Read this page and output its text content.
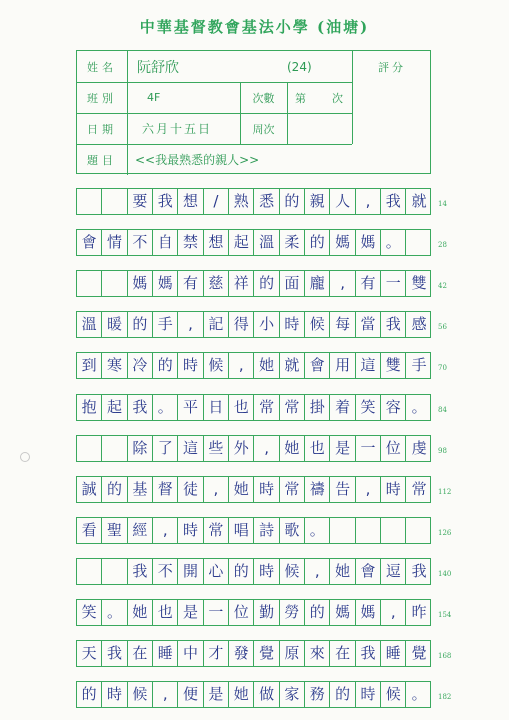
中華基督教會基法小學 (油塘)
姓名	阮舒欣	(24)	評分
班別	4F	次數	第	次
日期	六月十五日	周次
題目	<<我最熟悉的親人>>
要 我 想	/	熟 悉 的 親 人	,	我 就	14
會 情 不 自 禁 想 起 溫 柔 的 媽 媽 。	28
媽 媽 有 慈 祥 的 面 龐	,	有 一 雙	42
溫 暖 的 手	,	記 得 小 時 候 每 當 我 感	56
到 寒 冷 的 時 候	,	她 就 會 用 這 雙 手	70
抱 起 我 。 平 日 也 常 常 掛 着 笑 容 。	84
除 了 這 些 外	,	她 也 是 一 位 虔	98
誠 的 基 督 徒	,	她 時 常 禱 告	,	時 常	112
看 聖 經	,	時 常 唱 詩 歌 。	126
我 不 開 心 的 時 候	,	她 會 逗 我	140
笑 。 她 也 是 一 位 勤 勞 的 媽 媽	,	昨	154
天 我 在 睡 中 才 發 覺 原 來 在 我 睡 覺	168
的 時 候	,	便 是 她 做 家 務 的 時 候 。	182
